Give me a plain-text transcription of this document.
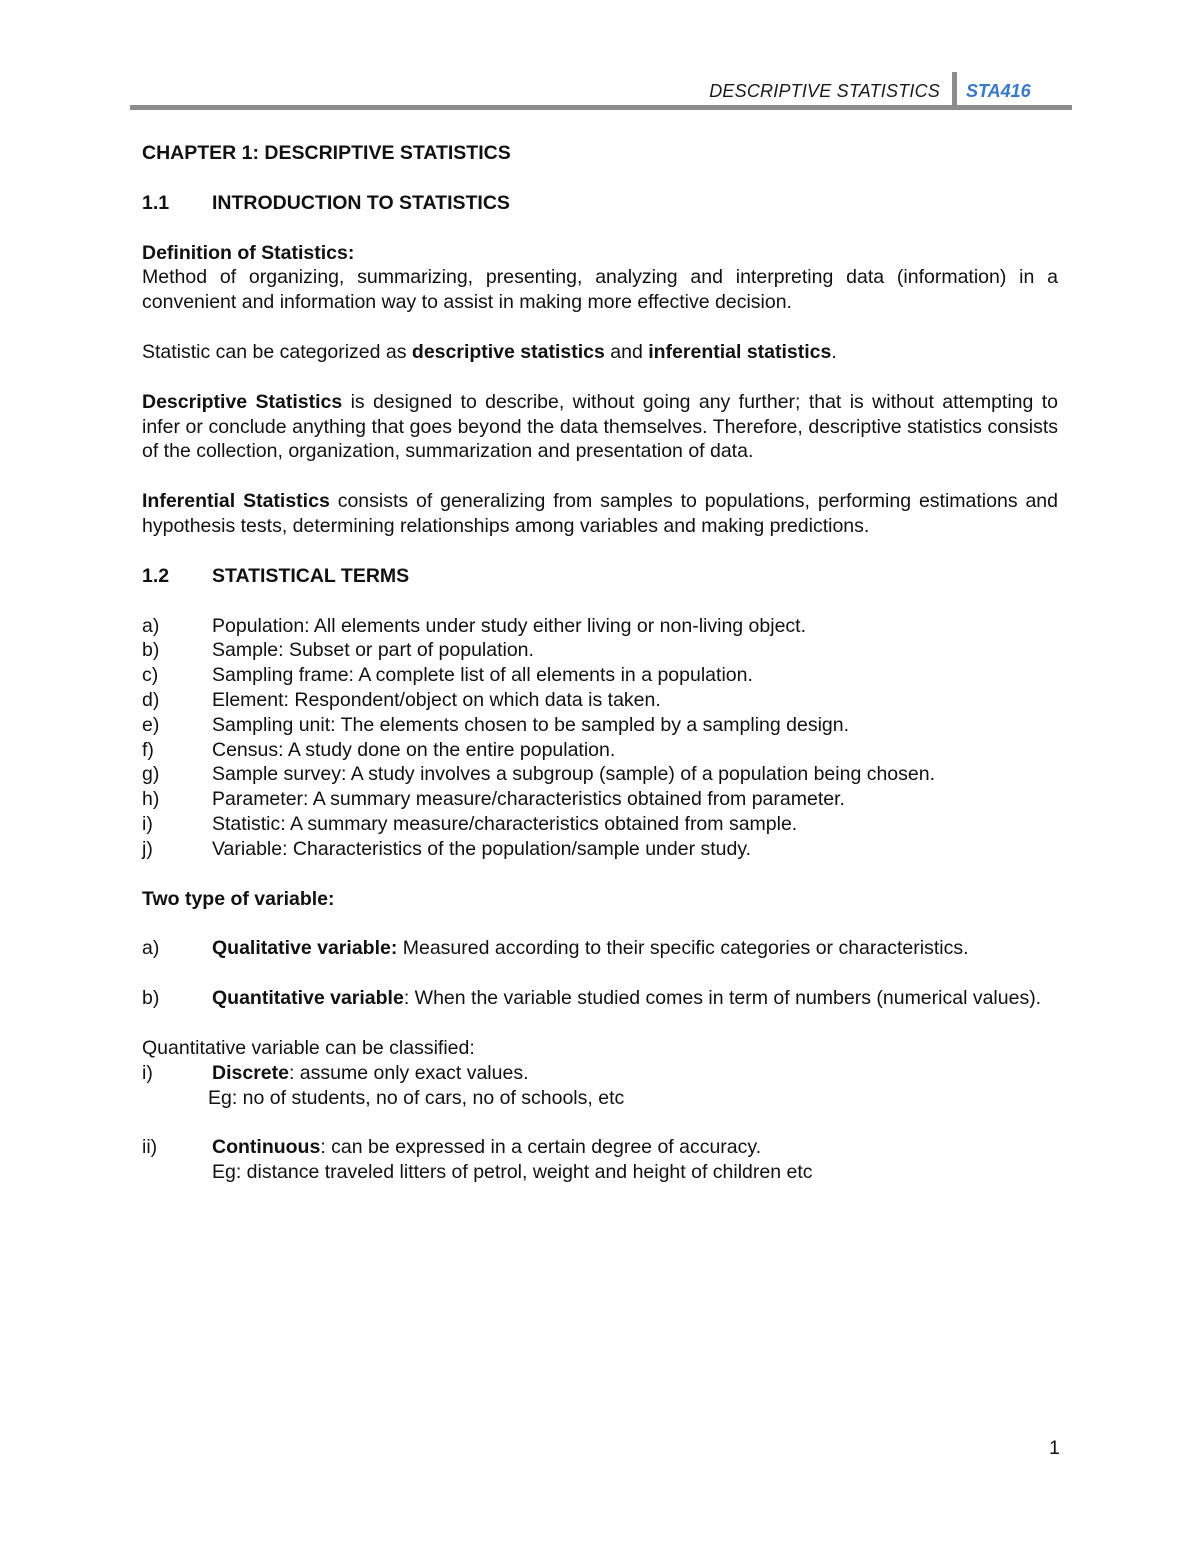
DESCRIPTIVE STATISTICS STA416
CHAPTER 1: DESCRIPTIVE STATISTICS
1.1	INTRODUCTION TO STATISTICS
Definition of Statistics:

Method of organizing, summarizing, presenting, analyzing and interpreting data (information) in a convenient and information way to assist in making more effective decision.

Statistic can be categorized as descriptive statistics and inferential statistics.

Descriptive Statistics is designed to describe, without going any further; that is without attempting to infer or conclude anything that goes beyond the data themselves. Therefore, descriptive statistics consists of the collection, organization, summarization and presentation of data.

Inferential Statistics consists of generalizing from samples to populations, performing estimations and hypothesis tests, determining relationships among variables and making predictions.

1.2	STATISTICAL TERMS
a)	Population: All elements under study either living or non-living object.
b)	Sample: Subset or part of population.
c)	Sampling frame: A complete list of all elements in a population.
d)	Element: Respondent/object on which data is taken.
e)	Sampling unit: The elements chosen to be sampled by a sampling design.
f)	Census: A study done on the entire population.
g)	Sample survey: A study involves a subgroup (sample) of a population being chosen.
h)	Parameter: A summary measure/characteristics obtained from parameter.
i)	Statistic: A summary measure/characteristics obtained from sample.
j)	Variable: Characteristics of the population/sample under study.

Two type of variable:

a)	Qualitative variable: Measured according to their specific categories or characteristics.
b)	Quantitative variable: When the variable studied comes in term of numbers (numerical values).
Quantitative variable can be classified:
i)	Discrete: assume only exact values.
Eg: no of students, no of cars, no of schools, etc
ii)	Continuous: can be expressed in a certain degree of accuracy.
Eg: distance traveled litters of petrol, weight and height of children etc
1
